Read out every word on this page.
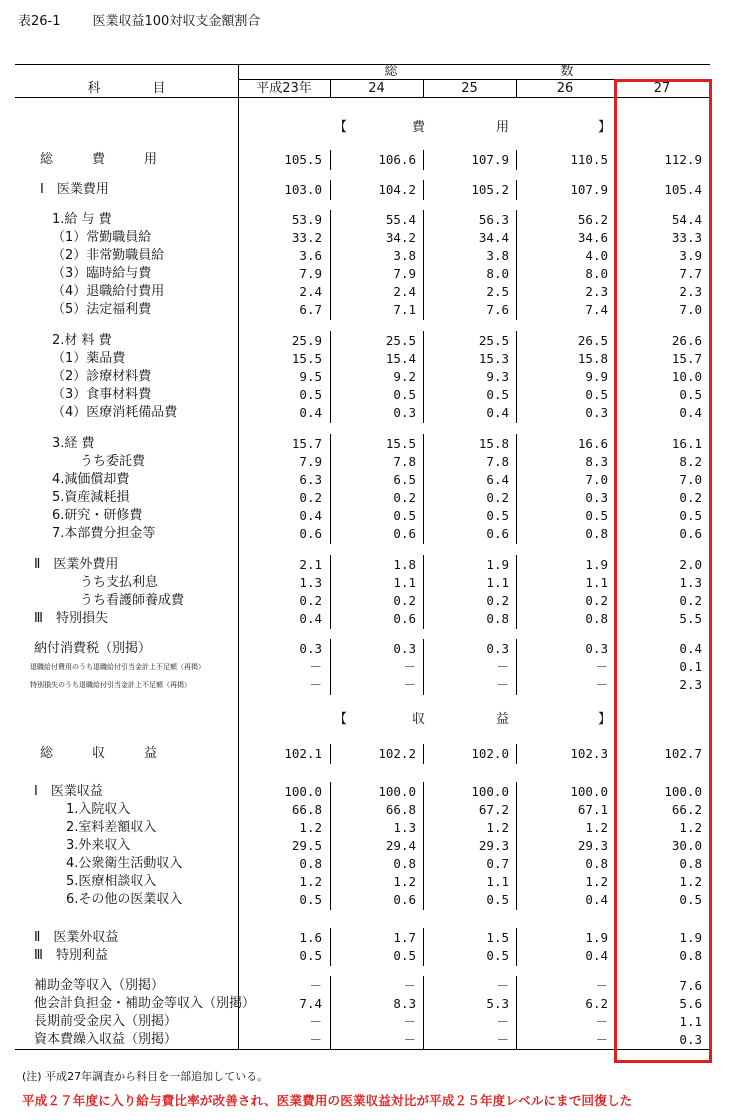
表26-1 医業収益100対収支金額割合
科　　　　目
総	数
平成23年	24	25	26	27
【	費　　　　　用	】
【	収　　　　　益	】
総　　　費　　　用	105.5	106.6	107.9	110.5	112.9
Ⅰ　医業費用	103.0	104.2	105.2	107.9	105.4
1.給 与 費	53.9	55.4	56.3	56.2	54.4
（1）常勤職員給	33.2	34.2	34.4	34.6	33.3
（2）非常勤職員給	3.6	3.8	3.8	4.0	3.9
（3）臨時給与費	7.9	7.9	8.0	8.0	7.7
（4）退職給付費用	2.4	2.4	2.5	2.3	2.3
（5）法定福利費	6.7	7.1	7.6	7.4	7.0
2.材 料 費	25.9	25.5	25.5	26.5	26.6
（1）薬品費	15.5	15.4	15.3	15.8	15.7
（2）診療材料費	9.5	9.2	9.3	9.9	10.0
（3）食事材料費	0.5	0.5	0.5	0.5	0.5
（4）医療消耗備品費	0.4	0.3	0.4	0.3	0.4
3.経 費	15.7	15.5	15.8	16.6	16.1
うち委託費	7.9	7.8	7.8	8.3	8.2
4.減価償却費	6.3	6.5	6.4	7.0	7.0
5.資産減耗損	0.2	0.2	0.2	0.3	0.2
6.研究・研修費	0.4	0.5	0.5	0.5	0.5
7.本部費分担金等	0.6	0.6	0.6	0.8	0.6
Ⅱ　医業外費用	2.1	1.8	1.9	1.9	2.0
うち支払利息	1.3	1.1	1.1	1.1	1.3
うち看護師養成費	0.2	0.2	0.2	0.2	0.2
Ⅲ　特別損失	0.4	0.6	0.8	0.8	5.5
納付消費税（別掲）	0.3	0.3	0.3	0.3	0.4
退職給付費用のうち退職給付引当金計上不足額（再掲）	－	－	－	－	0.1
特別損失のうち退職給付引当金計上不足額（再掲）	－	－	－	－	2.3
総　　　収　　　益	102.1	102.2	102.0	102.3	102.7
Ⅰ　医業収益	100.0	100.0	100.0	100.0	100.0
1.入院収入	66.8	66.8	67.2	67.1	66.2
2.室料差額収入	1.2	1.3	1.2	1.2	1.2
3.外来収入	29.5	29.4	29.3	29.3	30.0
4.公衆衛生活動収入	0.8	0.8	0.7	0.8	0.8
5.医療相談収入	1.2	1.2	1.1	1.2	1.2
6.その他の医業収入	0.5	0.6	0.5	0.4	0.5
Ⅱ　医業外収益	1.6	1.7	1.5	1.9	1.9
Ⅲ　特別利益	0.5	0.5	0.5	0.4	0.8
補助金等収入（別掲）	－	－	－	－	7.6
他会計負担金・補助金等収入（別掲）	7.4	8.3	5.3	6.2	5.6
長期前受金戻入（別掲）	－	－	－	－	1.1
資本費繰入収益（別掲）	－	－	－	－	0.3
(注) 平成27年調査から科目を一部追加している。
平成２７年度に入り給与費比率が改善され、医業費用の医業収益対比が平成２５年度レベルにまで回復した
